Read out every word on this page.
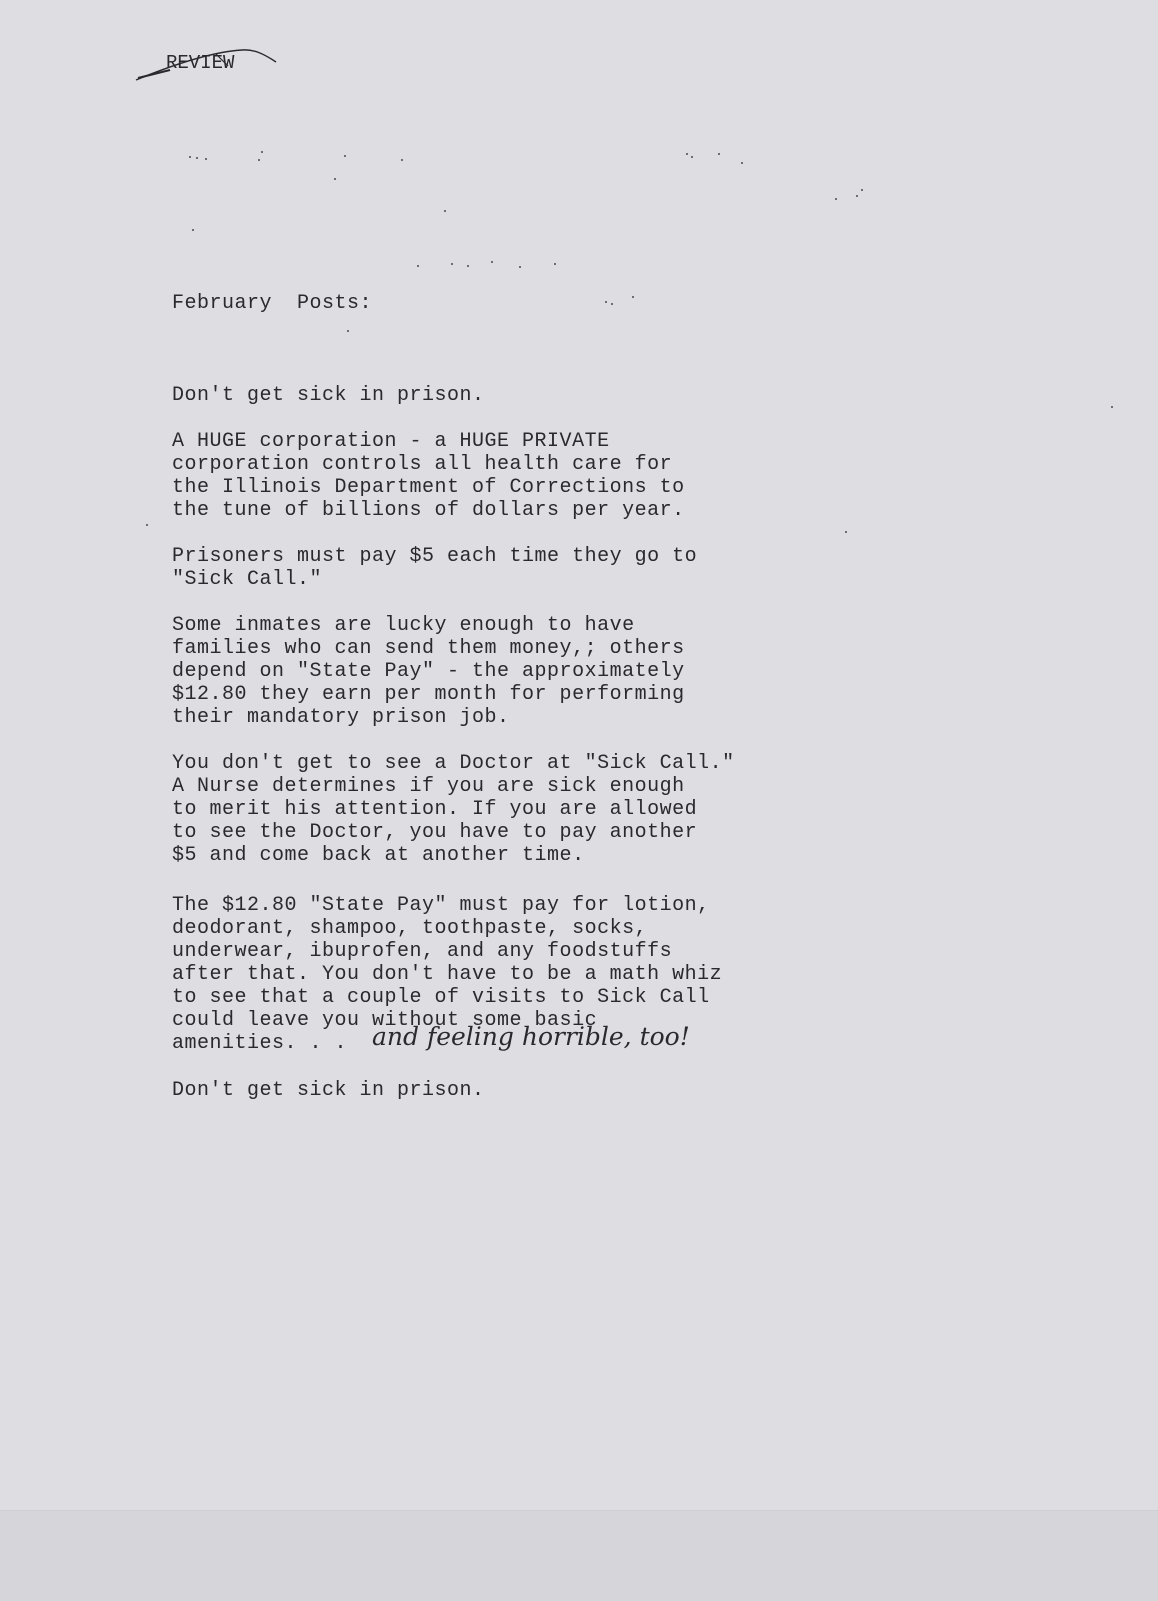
REVIEW
February  Posts:
Don't get sick in prison.
A HUGE corporation - a HUGE PRIVATE
corporation controls all health care for
the Illinois Department of Corrections to
the tune of billions of dollars per year.
Prisoners must pay $5 each time they go to
"Sick Call."
Some inmates are lucky enough to have
families who can send them money,; others
depend on "State Pay" - the approximately
$12.80 they earn per month for performing
their mandatory prison job.
You don't get to see a Doctor at "Sick Call."
A Nurse determines if you are sick enough
to merit his attention. If you are allowed
to see the Doctor, you have to pay another
$5 and come back at another time.
The $12.80 "State Pay" must pay for lotion,
deodorant, shampoo, toothpaste, socks,
underwear, ibuprofen, and any foodstuffs
after that. You don't have to be a math whiz
to see that a couple of visits to Sick Call
could leave you without some basic
amenities. . . and feeling horrible, too!
Don't get sick in prison.
